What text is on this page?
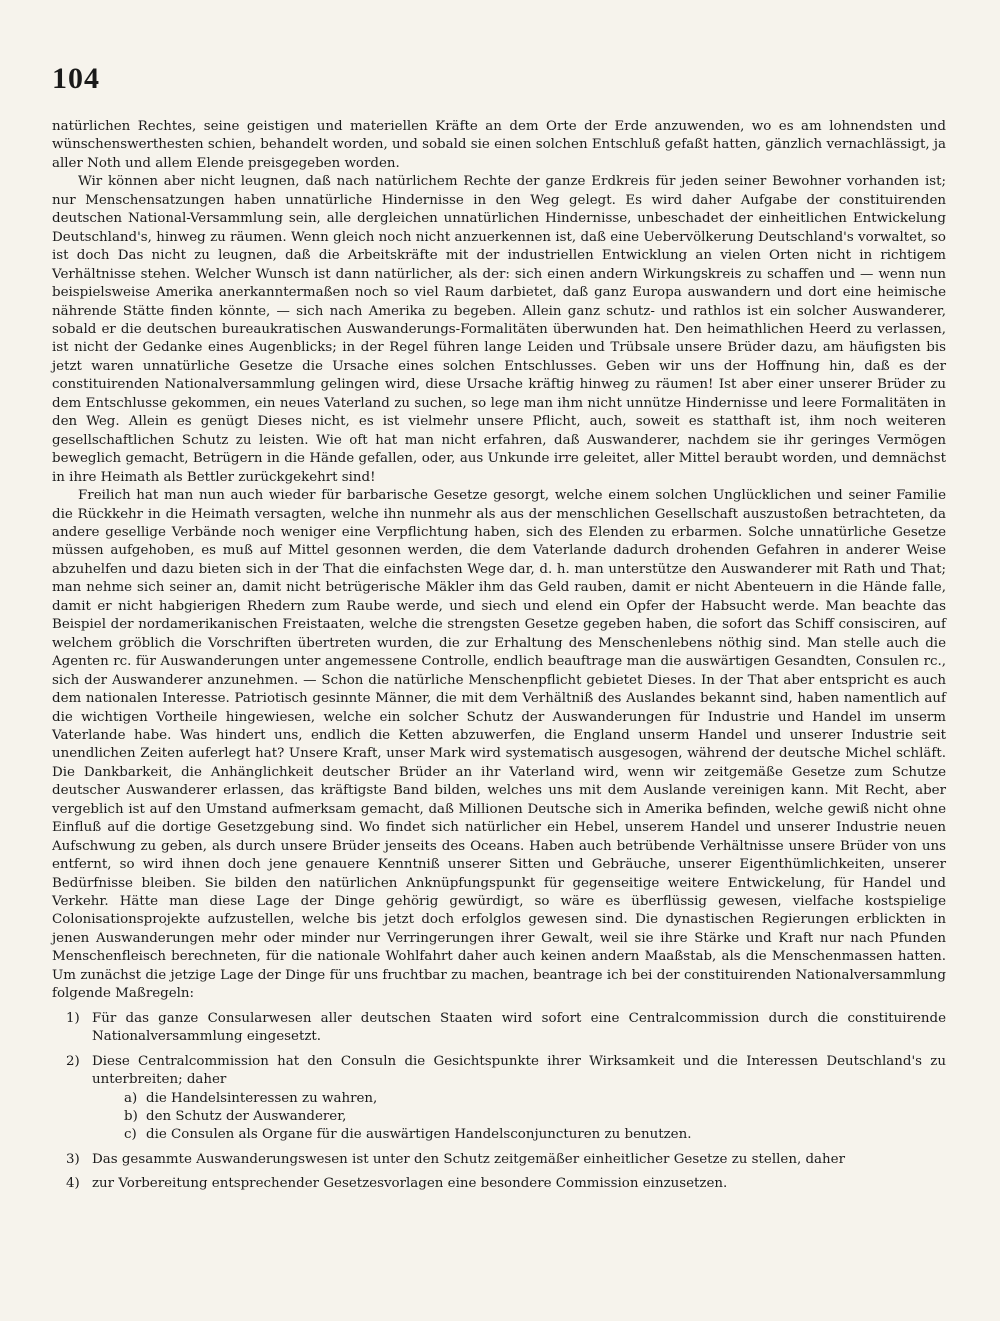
104

natürlichen Rechtes, seine geistigen und materiellen Kräfte an dem Orte der Erde anzuwenden, wo es am lohnendsten und wünschenswerthesten schien, behandelt worden, und sobald sie einen solchen Entschluß gefaßt hatten, gänzlich vernachlässigt, ja aller Noth und allem Elende preisgegeben worden.

Wir können aber nicht leugnen, daß nach natürlichem Rechte der ganze Erdkreis für jeden seiner Bewohner vorhanden ist; nur Menschensatzungen haben unnatürliche Hindernisse in den Weg gelegt. Es wird daher Aufgabe der constituirenden deutschen National-Versammlung sein, alle dergleichen unnatürlichen Hindernisse, unbeschadet der einheitlichen Entwickelung Deutschland's, hinweg zu räumen. Wenn gleich noch nicht anzuerkennen ist, daß eine Uebervölkerung Deutschland's vorwaltet, so ist doch Das nicht zu leugnen, daß die Arbeitskräfte mit der industriellen Entwicklung an vielen Orten nicht in richtigem Verhältnisse stehen. Welcher Wunsch ist dann natürlicher, als der: sich einen andern Wirkungskreis zu schaffen und — wenn nun beispielsweise Amerika anerkanntermaßen noch so viel Raum darbietet, daß ganz Europa auswandern und dort eine heimische nährende Stätte finden könnte, — sich nach Amerika zu begeben. Allein ganz schutz- und rathlos ist ein solcher Auswanderer, sobald er die deutschen bureaukratischen Auswanderungs-Formalitäten überwunden hat. Den heimathlichen Heerd zu verlassen, ist nicht der Gedanke eines Augenblicks; in der Regel führen lange Leiden und Trübsale unsere Brüder dazu, am häufigsten bis jetzt waren unnatürliche Gesetze die Ursache eines solchen Entschlusses. Geben wir uns der Hoffnung hin, daß es der constituirenden Nationalversammlung gelingen wird, diese Ursache kräftig hinweg zu räumen! Ist aber einer unserer Brüder zu dem Entschlusse gekommen, ein neues Vaterland zu suchen, so lege man ihm nicht unnütze Hindernisse und leere Formalitäten in den Weg. Allein es genügt Dieses nicht, es ist vielmehr unsere Pflicht, auch, soweit es statthaft ist, ihm noch weiteren gesellschaftlichen Schutz zu leisten. Wie oft hat man nicht erfahren, daß Auswanderer, nachdem sie ihr geringes Vermögen beweglich gemacht, Betrügern in die Hände gefallen, oder, aus Unkunde irre geleitet, aller Mittel beraubt worden, und demnächst in ihre Heimath als Bettler zurückgekehrt sind!

Freilich hat man nun auch wieder für barbarische Gesetze gesorgt, welche einem solchen Unglücklichen und seiner Familie die Rückkehr in die Heimath versagten, welche ihn nunmehr als aus der menschlichen Gesellschaft auszustoßen betrachteten, da andere gesellige Verbände noch weniger eine Verpflichtung haben, sich des Elenden zu erbarmen. Solche unnatürliche Gesetze müssen aufgehoben, es muß auf Mittel gesonnen werden, die dem Vaterlande dadurch drohenden Gefahren in anderer Weise abzuhelfen und dazu bieten sich in der That die einfachsten Wege dar, d. h. man unterstütze den Auswanderer mit Rath und That; man nehme sich seiner an, damit nicht betrügerische Mäkler ihm das Geld rauben, damit er nicht Abenteuern in die Hände falle, damit er nicht habgierigen Rhedern zum Raube werde, und siech und elend ein Opfer der Habsucht werde. Man beachte das Beispiel der nordamerikanischen Freistaaten, welche die strengsten Gesetze gegeben haben, die sofort das Schiff consisciren, auf welchem gröblich die Vorschriften übertreten wurden, die zur Erhaltung des Menschenlebens nöthig sind. Man stelle auch die Agenten rc. für Auswanderungen unter angemessene Controlle, endlich beauftrage man die auswärtigen Gesandten, Consulen rc., sich der Auswanderer anzunehmen. — Schon die natürliche Menschenpflicht gebietet Dieses. In der That aber entspricht es auch dem nationalen Interesse. Patriotisch gesinnte Männer, die mit dem Verhältniß des Auslandes bekannt sind, haben namentlich auf die wichtigen Vortheile hingewiesen, welche ein solcher Schutz der Auswanderungen für Industrie und Handel im unserm Vaterlande habe. Was hindert uns, endlich die Ketten abzuwerfen, die England unserm Handel und unserer Industrie seit unendlichen Zeiten auferlegt hat? Unsere Kraft, unser Mark wird systematisch ausgesogen, während der deutsche Michel schläft. Die Dankbarkeit, die Anhänglichkeit deutscher Brüder an ihr Vaterland wird, wenn wir zeitgemäße Gesetze zum Schutze deutscher Auswanderer erlassen, das kräftigste Band bilden, welches uns mit dem Auslande vereinigen kann. Mit Recht, aber vergeblich ist auf den Umstand aufmerksam gemacht, daß Millionen Deutsche sich in Amerika befinden, welche gewiß nicht ohne Einfluß auf die dortige Gesetzgebung sind. Wo findet sich natürlicher ein Hebel, unserem Handel und unserer Industrie neuen Aufschwung zu geben, als durch unsere Brüder jenseits des Oceans. Haben auch betrübende Verhältnisse unsere Brüder von uns entfernt, so wird ihnen doch jene genauere Kenntniß unserer Sitten und Gebräuche, unserer Eigenthümlichkeiten, unserer Bedürfnisse bleiben. Sie bilden den natürlichen Anknüpfungspunkt für gegenseitige weitere Entwickelung, für Handel und Verkehr. Hätte man diese Lage der Dinge gehörig gewürdigt, so wäre es überflüssig gewesen, vielfache kostspielige Colonisationsprojekte aufzustellen, welche bis jetzt doch erfolglos gewesen sind. Die dynastischen Regierungen erblickten in jenen Auswanderungen mehr oder minder nur Verringerungen ihrer Gewalt, weil sie ihre Stärke und Kraft nur nach Pfunden Menschenfleisch berechneten, für die nationale Wohlfahrt daher auch keinen andern Maaßstab, als die Menschenmassen hatten. Um zunächst die jetzige Lage der Dinge für uns fruchtbar zu machen, beantrage ich bei der constituirenden Nationalversammlung folgende Maßregeln:

1) Für das ganze Consularwesen aller deutschen Staaten wird sofort eine Centralcommission durch die constituirende Nationalversammlung eingesetzt.
2) Diese Centralcommission hat den Consuln die Gesichtspunkte ihrer Wirksamkeit und die Interessen Deutschland's zu unterbreiten; daher
a) die Handelsinteressen zu wahren,
b) den Schutz der Auswanderer,
c) die Consulen als Organe für die auswärtigen Handelsconjuncturen zu benutzen.
3) Das gesammte Auswanderungswesen ist unter den Schutz zeitgemäßer einheitlicher Gesetze zu stellen, daher
4) zur Vorbereitung entsprechender Gesetzesvorlagen eine besondere Commission einzusetzen.
